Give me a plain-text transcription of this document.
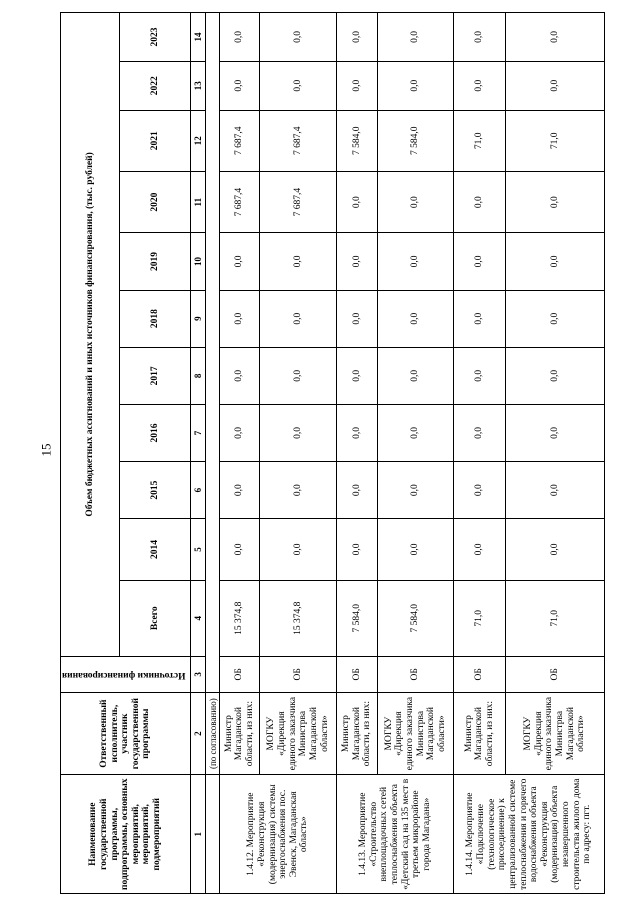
15
Наименование государственной программы, подпрограммы, основных мероприятий, мероприятий, подмероприятий	Ответственный исполнитель, участник государственной программы	Источники финансирования	Объем бюджетных ассигнований и иных источников финансирования, (тыс. рублей)										
			Всего	2014	2015	2016	2017	2018	2019	2020	2021	2022	2023
1	2	3	4	5	6	7	8	9	10	11	12	13	14
	(по согласованию)												
1.4.12. Мероприятие «Реконструкция (модернизация) системы энергоснабжения пос. Эвенск, Магаданская область»	Министр Магаданской области, из них:	ОБ	15 374,8	0,0	0,0	0,0	0,0	0,0	0,0	7 687,4	7 687,4	0,0	0,0
	МОГКУ «Дирекция единого заказчика Министрва Магаданской области»	ОБ	15 374,8	0,0	0,0	0,0	0,0	0,0	0,0	7 687,4	7 687,4	0,0	0,0
1.4.13. Мероприятие «Строительство внеплощадочных сетей теплоснабжения объекта «Детский сад на 135 мест в третьем микрорайоне города Магадана»	Министр Магаданской области, из них:	ОБ	7 584,0	0,0	0,0	0,0	0,0	0,0	0,0	0,0	7 584,0	0,0	0,0
	МОГКУ «Дирекция единого заказчика Министрва Магаданской области»	ОБ	7 584,0	0,0	0,0	0,0	0,0	0,0	0,0	0,0	7 584,0	0,0	0,0
1.4.14. Мероприятие «Подключение (технологическое присоединение) к централизованной системе теплоснабжения и горячего водоснабжения объекта «Реконструкция (модернизация) объекта незавершенного строительства жилого дома по адресу: пгт.	Министр Магаданской области, из них:	ОБ	71,0	0,0	0,0	0,0	0,0	0,0	0,0	0,0	71,0	0,0	0,0
	МОГКУ «Дирекция единого заказчика Министрва Магаданской области»	ОБ	71,0	0,0	0,0	0,0	0,0	0,0	0,0	0,0	71,0	0,0	0,0
